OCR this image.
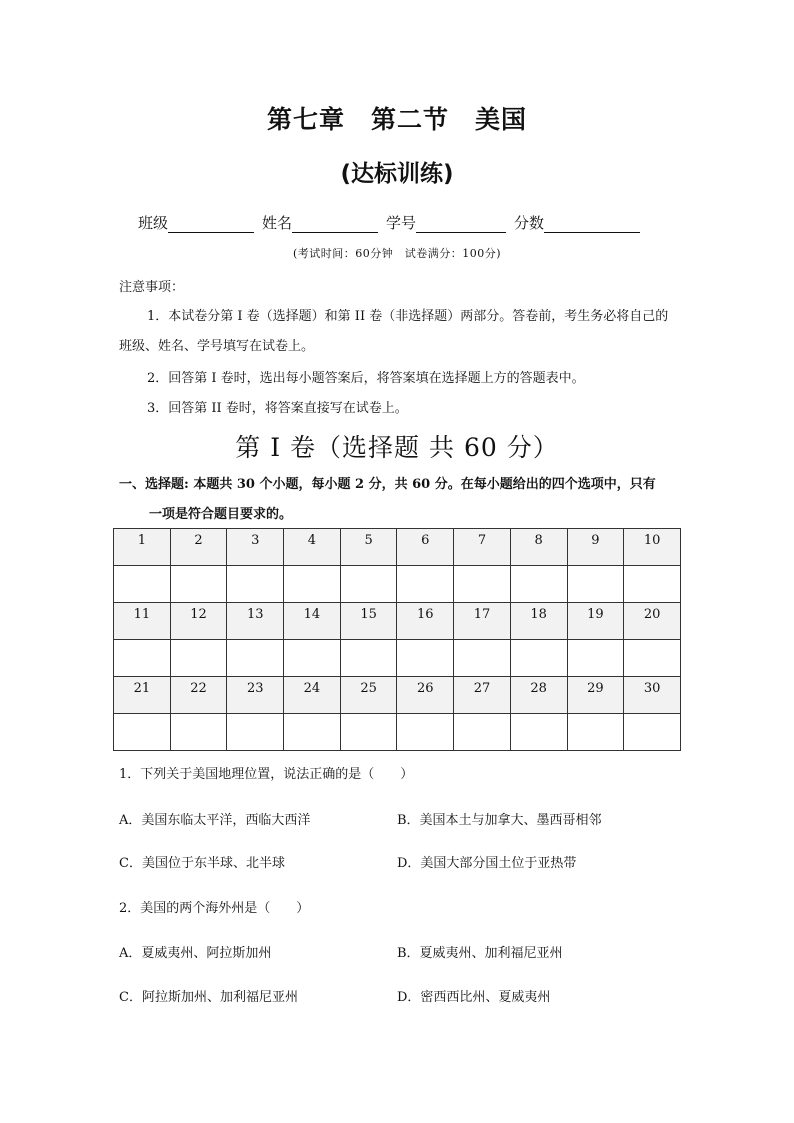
第七章　第二节　美国
(达标训练)
班级	姓名	学号	分数
(考试时间：60分钟　试卷满分：100分)
注意事项：
1．本试卷分第 I 卷（选择题）和第 II 卷（非选择题）两部分。答卷前，考生务必将自己的班级、姓名、学号填写在试卷上。
2．回答第 I 卷时，选出每小题答案后，将答案填在选择题上方的答题表中。
3．回答第 II 卷时，将答案直接写在试卷上。
第 I 卷（选择题 共 60 分）
一、选择题: 本题共 30 个小题，每小题 2 分，共 60 分。在每小题给出的四个选项中，只有
一项是符合题目要求的。
1	2	3	4	5	6	7	8	9	10

11	12	13	14	15	16	17	18	19	20

21	22	23	24	25	26	27	28	29	30

1．下列关于美国地理位置，说法正确的是（　　）
A．美国东临太平洋，西临大西洋	B．美国本土与加拿大、墨西哥相邻
C．美国位于东半球、北半球	D．美国大部分国土位于亚热带
2．美国的两个海外州是（　　）
A．夏威夷州、阿拉斯加州	B．夏威夷州、加利福尼亚州
C．阿拉斯加州、加利福尼亚州	D．密西西比州、夏威夷州
